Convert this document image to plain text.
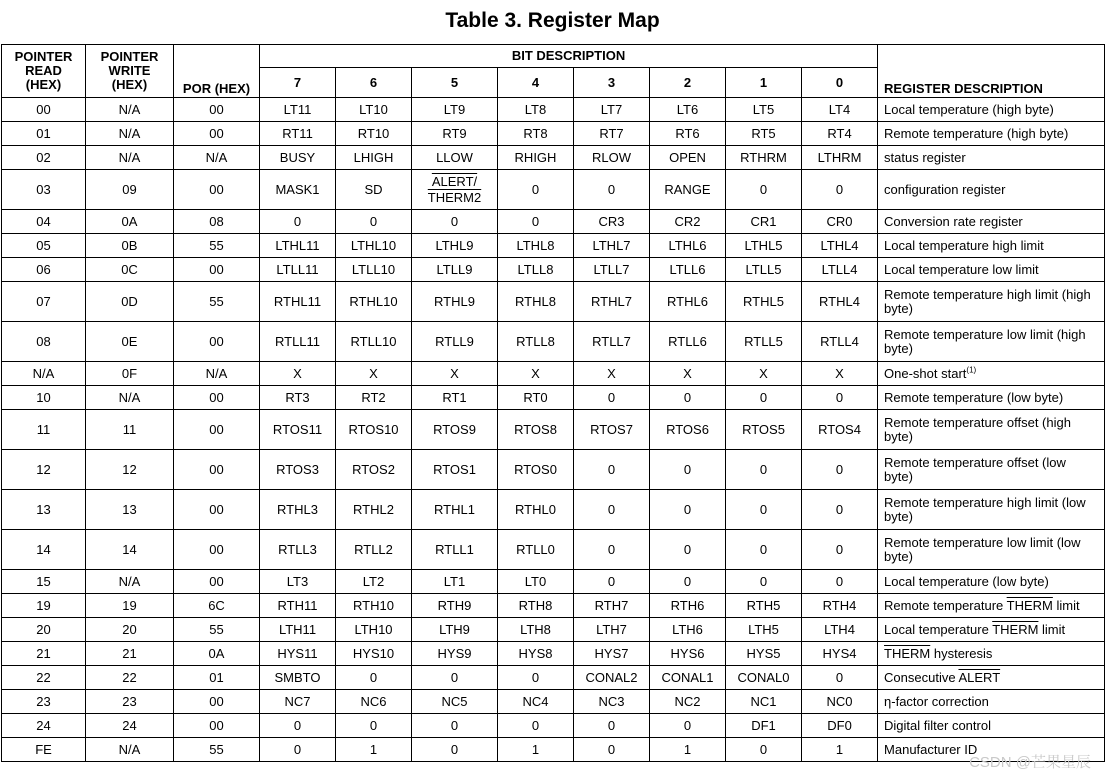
Table 3. Register Map
POINTER
READ
(HEX)	POINTER
WRITE
(HEX)	POR (HEX)	BIT DESCRIPTION								REGISTER DESCRIPTION
			7	6	5	4	3	2	1	0	
00	N/A	00	LT11	LT10	LT9	LT8	LT7	LT6	LT5	LT4	Local temperature (high byte)
01	N/A	00	RT11	RT10	RT9	RT8	RT7	RT6	RT5	RT4	Remote temperature (high byte)
02	N/A	N/A	BUSY	LHIGH	LLOW	RHIGH	RLOW	OPEN	RTHRM	LTHRM	status register
03	09	00	MASK1	SD	ALERT/
THERM2	0	0	RANGE	0	0	configuration register
04	0A	08	0	0	0	0	CR3	CR2	CR1	CR0	Conversion rate register
05	0B	55	LTHL11	LTHL10	LTHL9	LTHL8	LTHL7	LTHL6	LTHL5	LTHL4	Local temperature high limit
06	0C	00	LTLL11	LTLL10	LTLL9	LTLL8	LTLL7	LTLL6	LTLL5	LTLL4	Local temperature low limit
07	0D	55	RTHL11	RTHL10	RTHL9	RTHL8	RTHL7	RTHL6	RTHL5	RTHL4	Remote temperature high limit (high
byte)
08	0E	00	RTLL11	RTLL10	RTLL9	RTLL8	RTLL7	RTLL6	RTLL5	RTLL4	Remote temperature low limit (high
byte)
N/A	0F	N/A	X	X	X	X	X	X	X	X	One-shot start$^{(1)}$
10	N/A	00	RT3	RT2	RT1	RT0	0	0	0	0	Remote temperature (low byte)
11	11	00	RTOS11	RTOS10	RTOS9	RTOS8	RTOS7	RTOS6	RTOS5	RTOS4	Remote temperature offset (high
byte)
12	12	00	RTOS3	RTOS2	RTOS1	RTOS0	0	0	0	0	Remote temperature offset (low
byte)
13	13	00	RTHL3	RTHL2	RTHL1	RTHL0	0	0	0	0	Remote temperature high limit (low
byte)
14	14	00	RTLL3	RTLL2	RTLL1	RTLL0	0	0	0	0	Remote temperature low limit (low
byte)
15	N/A	00	LT3	LT2	LT1	LT0	0	0	0	0	Local temperature (low byte)
19	19	6C	RTH11	RTH10	RTH9	RTH8	RTH7	RTH6	RTH5	RTH4	Remote temperature THERM limit
20	20	55	LTH11	LTH10	LTH9	LTH8	LTH7	LTH6	LTH5	LTH4	Local temperature THERM limit
21	21	0A	HYS11	HYS10	HYS9	HYS8	HYS7	HYS6	HYS5	HYS4	THERM hysteresis
22	22	01	SMBTO	0	0	0	CONAL2	CONAL1	CONAL0	0	Consecutive ALERT
23	23	00	NC7	NC6	NC5	NC4	NC3	NC2	NC1	NC0	η-factor correction
24	24	00	0	0	0	0	0	0	DF1	DF0	Digital filter control
FE	N/A	55	0	1	0	1	0	1	0	1	Manufacturer ID
CSDN @芒果星辰
